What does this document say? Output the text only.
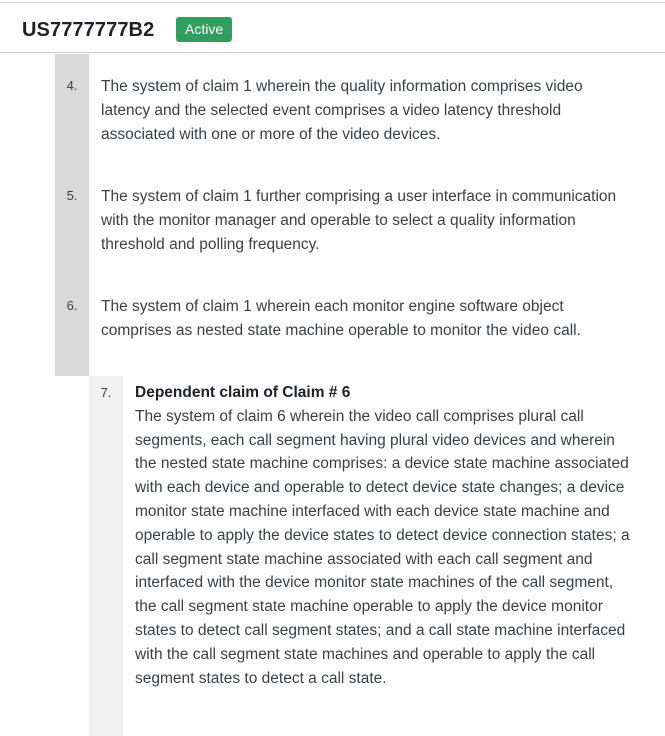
US7777777B2	Active
4. The system of claim 1 wherein the quality information comprises video latency and the selected event comprises a video latency threshold associated with one or more of the video devices.
5. The system of claim 1 further comprising a user interface in communication with the monitor manager and operable to select a quality information threshold and polling frequency.
6. The system of claim 1 wherein each monitor engine software object comprises as nested state machine operable to monitor the video call.
7. Dependent claim of Claim # 6
The system of claim 6 wherein the video call comprises plural call segments, each call segment having plural video devices and wherein the nested state machine comprises: a device state machine associated with each device and operable to detect device state changes; a device monitor state machine interfaced with each device state machine and operable to apply the device states to detect device connection states; a call segment state machine associated with each call segment and interfaced with the device monitor state machines of the call segment, the call segment state machine operable to apply the device monitor states to detect call segment states; and a call state machine interfaced with the call segment state machines and operable to apply the call segment states to detect a call state.
